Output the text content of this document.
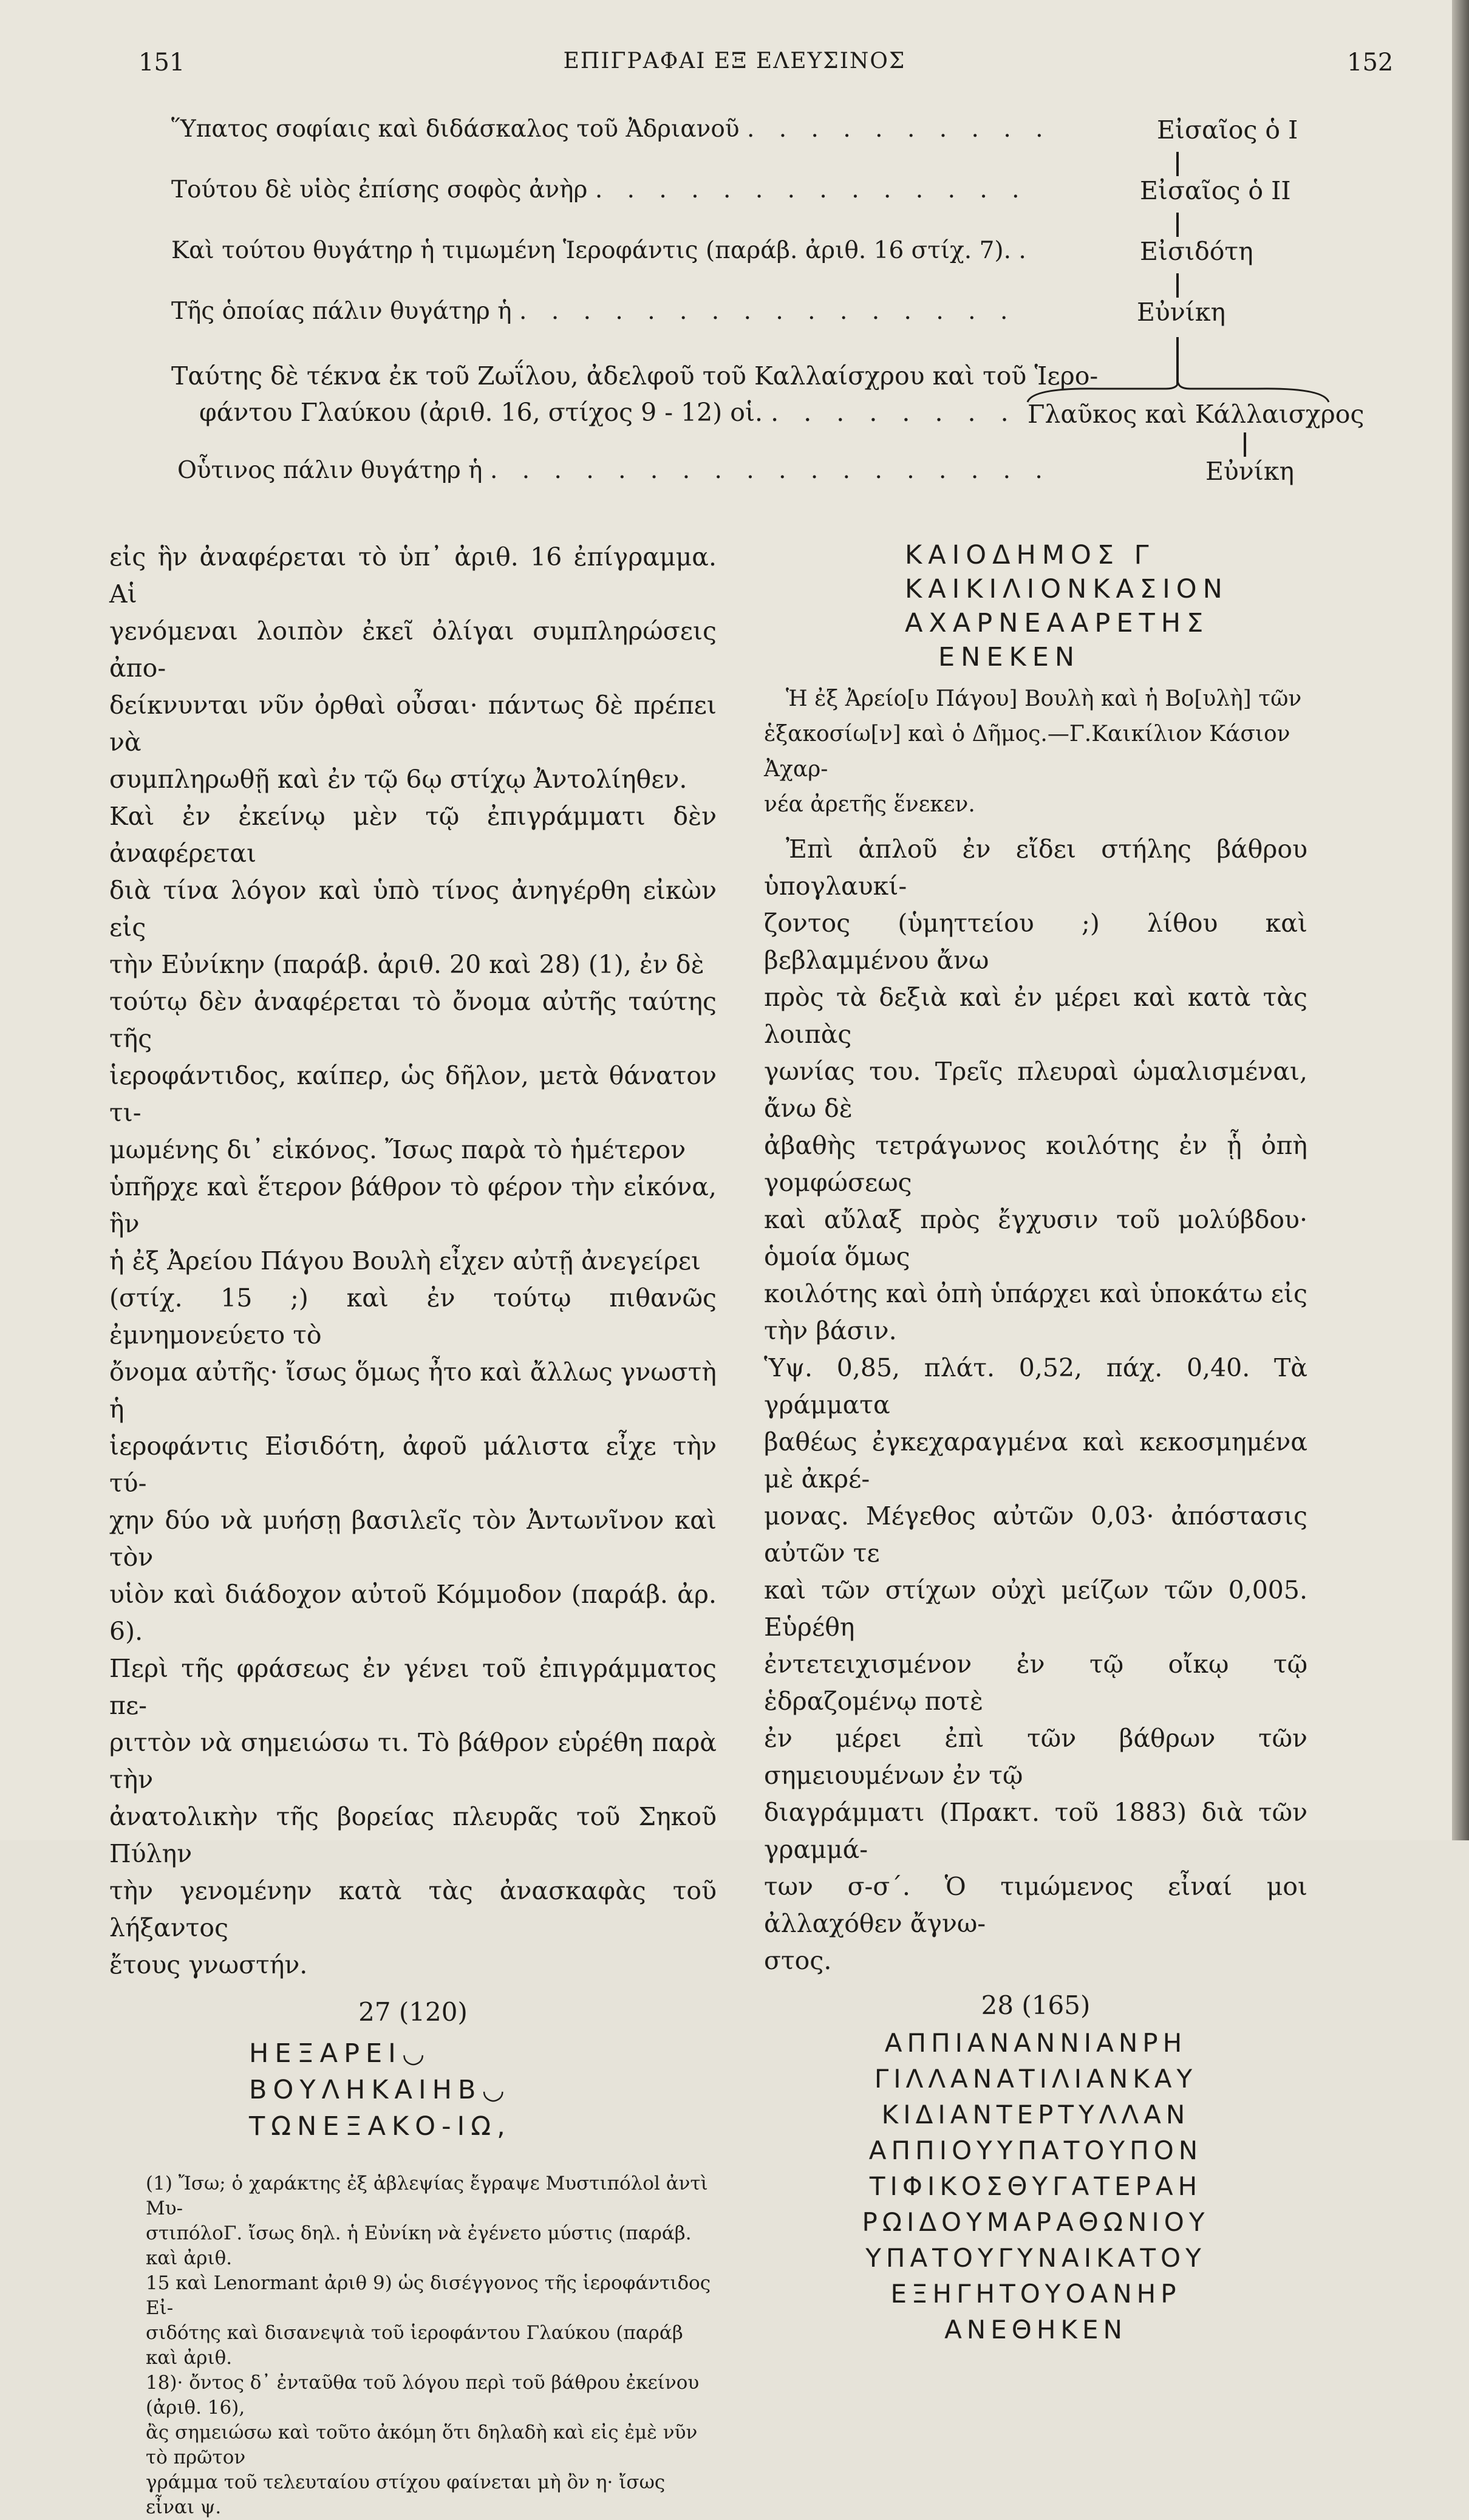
151	ΕΠΙΓΡΑΦΑΙ ΕΞ ΕΛΕΥΣΙΝΟΣ	152
Ὕπατος σοφίαις καὶ διδάσκαλος τοῦ Ἀδριανοῦ . . . . . . . . . .	Εἰσαῖος ὁ I
Τούτου δὲ υἱὸς ἐπίσης σοφὸς ἀνὴρ . . . . . . . . . . . . . .	Εἰσαῖος ὁ II
Καὶ τούτου θυγάτηρ ἡ τιμωμένη Ἱεροφάντις (παράβ. ἀριθ. 16 στίχ. 7). .	Εἰσιδότη
Τῆς ὁποίας πάλιν θυγάτηρ ἡ . . . . . . . . . . . . . . . .	Εὐνίκη
Ταύτης δὲ τέκνα ἐκ τοῦ Ζωΐλου, ἀδελφοῦ τοῦ Καλλαίσχρου καὶ τοῦ Ἱερο-
φάντου Γλαύκου (ἀριθ. 16, στίχος 9 - 12) οἱ. . . . . . . . . Γλαῦκος καὶ Κάλλαισχρος
Οὗτινος πάλιν θυγάτηρ ἡ . . . . . . . . . . . . . . . . . .	Εὐνίκη

εἰς ἣν ἀναφέρεται τὸ ὑπ᾽ ἀριθ. 16 ἐπίγραμμα. Αἱ

γενόμεναι λοιπὸν ἐκεῖ ὀλίγαι συμπληρώσεις ἀπο-

δείκνυνται νῦν ὀρθαὶ οὖσαι· πάντως δὲ πρέπει νὰ

συμπληρωθῇ καὶ ἐν τῷ 6ῳ στίχῳ Ἀντολίηθεν.

Καὶ ἐν ἐκείνῳ μὲν τῷ ἐπιγράμματι δὲν ἀναφέρεται

διὰ τίνα λόγον καὶ ὑπὸ τίνος ἀνηγέρθη εἰκὼν εἰς

τὴν Εὐνίκην (παράβ. ἀριθ. 20 καὶ 28) (1), ἐν δὲ

τούτῳ δὲν ἀναφέρεται τὸ ὄνομα αὐτῆς ταύτης τῆς

ἱεροφάντιδος, καίπερ, ὡς δῆλον, μετὰ θάνατον τι-

μωμένης δι᾽ εἰκόνος. Ἴσως παρὰ τὸ ἡμέτερον

ὑπῆρχε καὶ ἕτερον βάθρον τὸ φέρον τὴν εἰκόνα, ἣν

ἡ ἐξ Ἀρείου Πάγου Βουλὴ εἶχεν αὐτῇ ἀνεγείρει

(στίχ. 15 ;) καὶ ἐν τούτῳ πιθανῶς ἐμνημονεύετο τὸ

ὄνομα αὐτῆς· ἴσως ὅμως ἦτο καὶ ἄλλως γνωστὴ ἡ

ἱεροφάντις Εἰσιδότη, ἀφοῦ μάλιστα εἶχε τὴν τύ-

χην δύο νὰ μυήσῃ βασιλεῖς τὸν Ἀντωνῖνον καὶ τὸν

υἱὸν καὶ διάδοχον αὐτοῦ Κόμμοδον (παράβ. ἀρ. 6).

Περὶ τῆς φράσεως ἐν γένει τοῦ ἐπιγράμματος πε-

ριττὸν νὰ σημειώσω τι. Τὸ βάθρον εὑρέθη παρὰ τὴν

ἀνατολικὴν τῆς βορείας πλευρᾶς τοῦ Σηκοῦ Πύλην

τὴν γενομένην κατὰ τὰς ἀνασκαφὰς τοῦ λήξαντος

ἔτους γνωστήν.

27 (120)
ΗΕΞΑΡΕΙ◡
ΒΟΥΛΗΚΑΙΗΒ◡
ΤΩΝΕΞΑΚΟ-ΙΩ,
(1) Ἴσω; ὁ χαράκτης ἐξ ἀβλεψίας ἔγραψε Μυστιπόλοl ἀντὶ Μυ-
στιπόλοΓ. ἴσως δηλ. ἡ Εὐνίκη νὰ ἐγένετο μύστις (παράβ. καὶ ἀριθ.
15 καὶ Lenormant ἀριθ 9) ὡς δισέγγονος τῆς ἱεροφάντιδος Εἰ-
σιδότης καὶ δισανεψιὰ τοῦ ἱεροφάντου Γλαύκου (παράβ καὶ ἀριθ.
18)· ὄντος δ᾽ ἐνταῦθα τοῦ λόγου περὶ τοῦ βάθρου ἐκείνου (ἀριθ. 16),
ἂς σημειώσω καὶ τοῦτο ἀκόμη ὅτι δηλαδὴ καὶ εἰς ἐμὲ νῦν τὸ πρῶτον
γράμμα τοῦ τελευταίου στίχου φαίνεται μὴ ὂν η· ἴσως εἶναι ψ.
ΚΑΙΟΔΗΜΟΣ Γ
ΚΑΙΚΙΛΙΟΝΚΑΣΙΟΝ
ΑΧΑΡΝΕΑΑΡΕΤΗΣ
ΕΝΕΚΕΝ
Ἡ ἐξ Ἀρείο[υ Πάγου] Βουλὴ καὶ ἡ Βο[υλὴ] τῶν
ἑξακοσίω[ν] καὶ ὁ Δῆμος.—Γ.Καικίλιον Κάσιον Ἀχαρ-
νέα ἀρετῆς ἕνεκεν.

Ἐπὶ ἁπλοῦ ἐν εἴδει στήλης βάθρου ὑπογλαυκί-

ζοντος (ὑμηττείου ;) λίθου καὶ βεβλαμμένου ἄνω

πρὸς τὰ δεξιὰ καὶ ἐν μέρει καὶ κατὰ τὰς λοιπὰς

γωνίας του. Τρεῖς πλευραὶ ὡμαλισμέναι, ἄνω δὲ

ἀβαθὴς τετράγωνος κοιλότης ἐν ᾗ ὀπὴ γομφώσεως

καὶ αὔλαξ πρὸς ἔγχυσιν τοῦ μολύβδου· ὁμοία ὅμως

κοιλότης καὶ ὀπὴ ὑπάρχει καὶ ὑποκάτω εἰς τὴν βάσιν.

Ὑψ. 0,85, πλάτ. 0,52, πάχ. 0,40. Τὰ γράμματα

βαθέως ἐγκεχαραγμένα καὶ κεκοσμημένα μὲ ἀκρέ-

μονας. Μέγεθος αὐτῶν 0,03· ἀπόστασις αὐτῶν τε

καὶ τῶν στίχων οὐχὶ μείζων τῶν 0,005. Εὑρέθη

ἐντετειχισμένον ἐν τῷ οἴκῳ τῷ ἑδραζομένῳ ποτὲ

ἐν μέρει ἐπὶ τῶν βάθρων τῶν σημειουμένων ἐν τῷ

διαγράμματι (Πρακτ. τοῦ 1883) διὰ τῶν γραμμά-

των σ-σ΄. Ὁ τιμώμενος εἶναί μοι ἀλλαχόθεν ἄγνω-

στος.

28 (165)
ΑΠΠΙΑΝΑΝΝΙΑΝΡΗ
ΓΙΛΛΑΝΑΤΙΛΙΑΝΚΑΥ
ΚΙΔΙΑΝΤΕΡΤΥΛΛΑΝ
ΑΠΠΙΟΥΥΠΑΤΟΥΠΟΝ
ΤΙΦΙΚΟΣΘΥΓΑΤΕΡΑΗ
ΡΩΙΔΟΥΜΑΡΑΘΩΝΙΟΥ
ΥΠΑΤΟΥΓΥΝΑΙΚΑΤΟΥ
ΕΞΗΓΗΤΟΥΟΑΝΗΡ
ΑΝΕΘΗΚΕΝ
